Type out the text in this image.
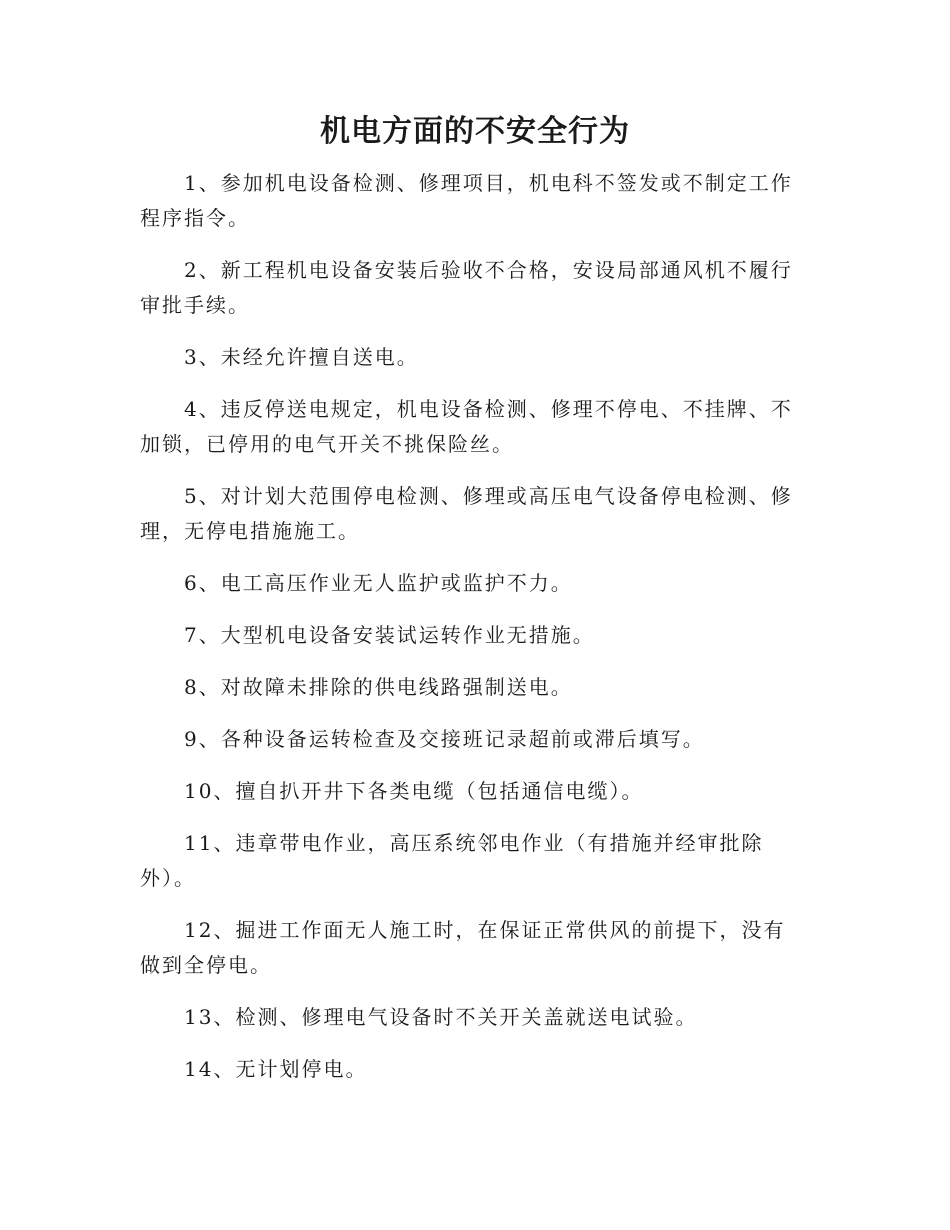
机电方面的不安全行为

1、参加机电设备检测、修理项目，机电科不签发或不制定工作程序指令。

2、新工程机电设备安装后验收不合格，安设局部通风机不履行审批手续。

3、未经允许擅自送电。

4、违反停送电规定，机电设备检测、修理不停电、不挂牌、不加锁，已停用的电气开关不挑保险丝。

5、对计划大范围停电检测、修理或高压电气设备停电检测、修理，无停电措施施工。

6、电工高压作业无人监护或监护不力。

7、大型机电设备安装试运转作业无措施。

8、对故障未排除的供电线路强制送电。

9、各种设备运转检查及交接班记录超前或滞后填写。

10、擅自扒开井下各类电缆（包括通信电缆）。

11、违章带电作业，高压系统邻电作业（有措施并经审批除外）。

12、掘进工作面无人施工时，在保证正常供风的前提下，没有做到全停电。

13、检测、修理电气设备时不关开关盖就送电试验。

14、无计划停电。
